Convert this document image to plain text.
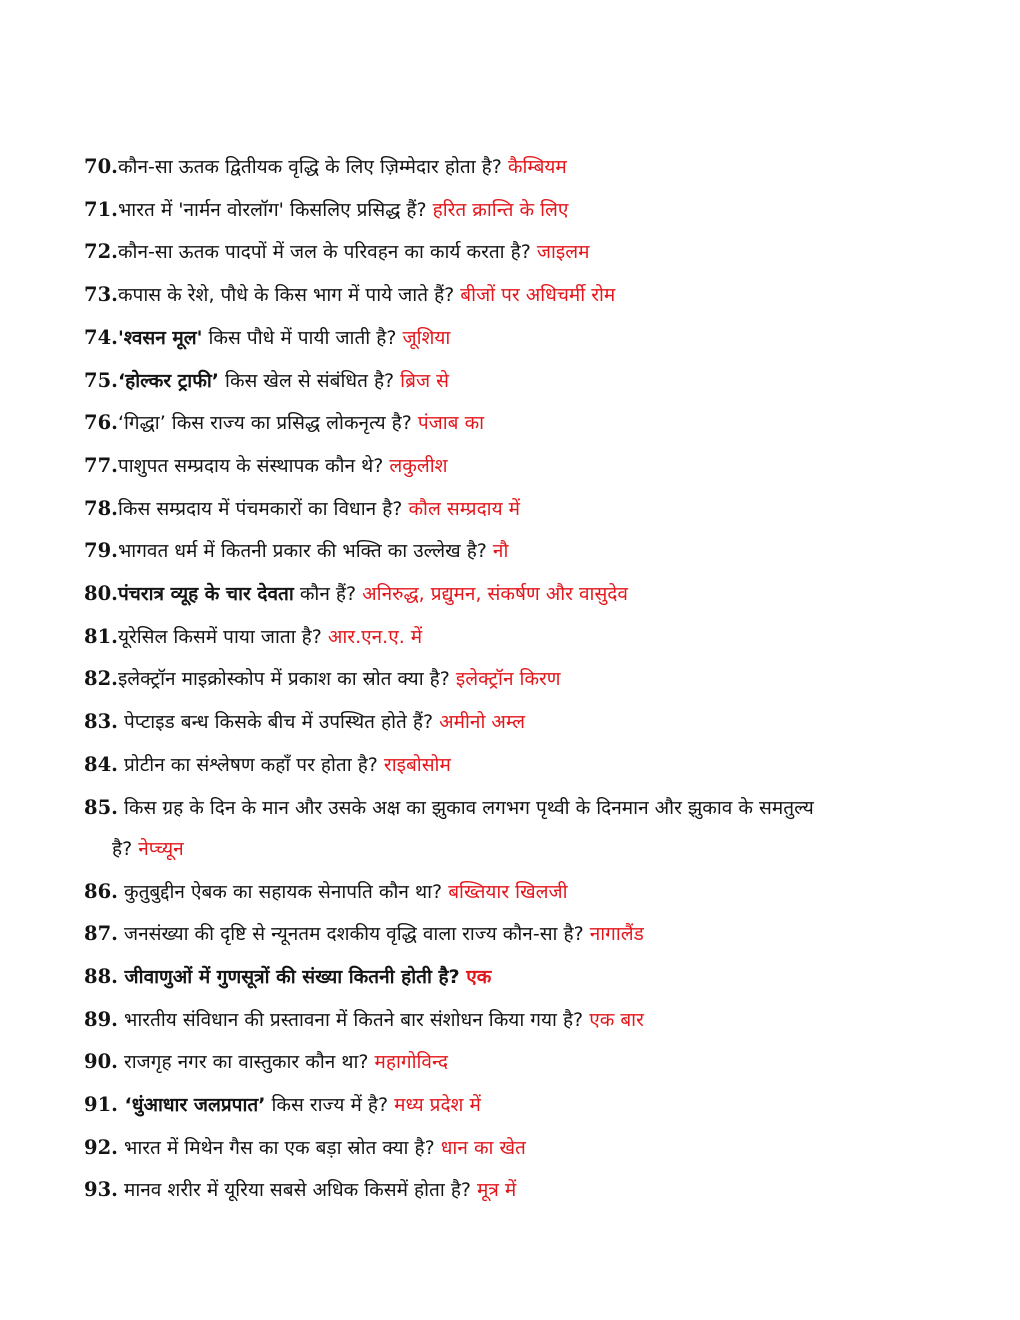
70.कौन-सा ऊतक द्वितीयक वृद्धि के लिए ज़िम्मेदार होता है? कैम्बियम

71.भारत में 'नार्मन वोरलॉग' किसलिए प्रसिद्ध हैं? हरित क्रान्ति के लिए

72.कौन-सा ऊतक पादपों में जल के परिवहन का कार्य करता है? जाइलम

73.कपास के रेशे, पौधे के किस भाग में पाये जाते हैं? बीजों पर अधिचर्मी रोम

74.'श्वसन मूल' किस पौधे में पायी जाती है? जूशिया

75.‘होल्कर ट्राफी’ किस खेल से संबंधित है? ब्रिज से

76.‘गिद्धा’ किस राज्य का प्रसिद्ध लोकनृत्य है? पंजाब का

77.पाशुपत सम्प्रदाय के संस्थापक कौन थे? लकुलीश

78.किस सम्प्रदाय में पंचमकारों का विधान है? कौल सम्प्रदाय में

79.भागवत धर्म में कितनी प्रकार की भक्ति का उल्लेख है? नौ

80.पंचरात्र व्यूह के चार देवता कौन हैं? अनिरुद्ध, प्रद्युमन, संकर्षण और वासुदेव

81.यूरेसिल किसमें पाया जाता है? आर.एन.ए. में

82.इलेक्ट्रॉन माइक्रोस्कोप में प्रकाश का स्रोत क्या है? इलेक्ट्रॉन किरण

83. पेप्टाइड बन्ध किसके बीच में उपस्थित होते हैं? अमीनो अम्ल

84. प्रोटीन का संश्लेषण कहाँ पर होता है? राइबोसोम

85. किस ग्रह के दिन के मान और उसके अक्ष का झुकाव लगभग पृथ्वी के दिनमान और झुकाव के समतुल्य
है? नेप्च्यून

86. कुतुबुद्दीन ऐबक का सहायक सेनापति कौन था? बख्तियार खिलजी

87. जनसंख्या की दृष्टि से न्यूनतम दशकीय वृद्धि वाला राज्य कौन-सा है? नागालैंड

88. जीवाणुओं में गुणसूत्रों की संख्या कितनी होती है? एक

89. भारतीय संविधान की प्रस्तावना में कितने बार संशोधन किया गया है? एक बार

90. राजगृह नगर का वास्तुकार कौन था? महागोविन्द

91. ‘धुंआधार जलप्रपात’ किस राज्य में है? मध्य प्रदेश में

92. भारत में मिथेन गैस का एक बड़ा स्रोत क्या है? धान का खेत

93. मानव शरीर में यूरिया सबसे अधिक किसमें होता है? मूत्र में
